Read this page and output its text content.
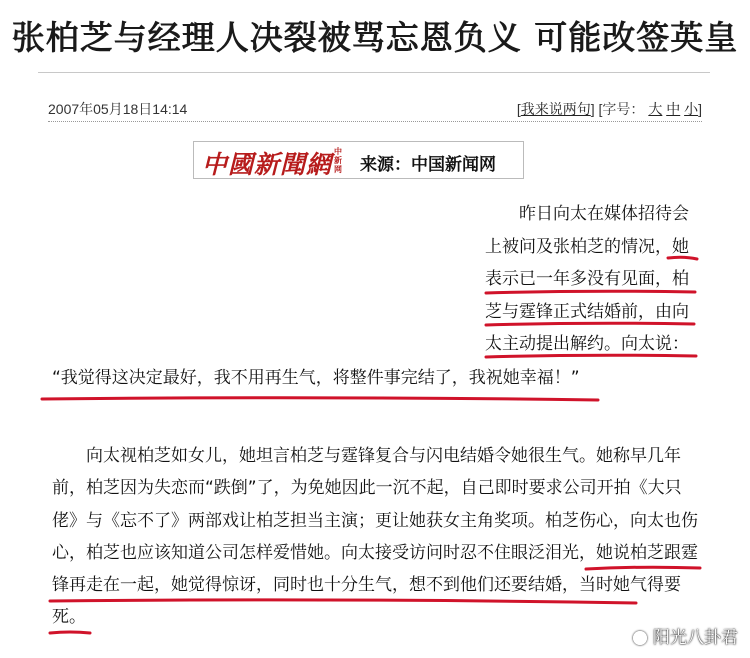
张柏芝与经理人决裂被骂忘恩负义 可能改签英皇
2007年05月18日14:14	[我来说两句] [字号： 大 中 小]
中國新聞網 中新网 来源：中国新闻网
昨日向太在媒体招待会
上被问及张柏芝的情况，她
表示已一年多没有见面，柏
芝与霆锋正式结婚前，由向
太主动提出解约。向太说：
“我觉得这决定最好，我不用再生气，将整件事完结了，我祝她幸福！”
　　向太视柏芝如女儿，她坦言柏芝与霆锋复合与闪电结婚令她很生气。她称早几年
前，柏芝因为失恋而“跌倒”了，为免她因此一沉不起，自己即时要求公司开拍《大只
佬》与《忘不了》两部戏让柏芝担当主演；更让她获女主角奖项。柏芝伤心，向太也伤
心，柏芝也应该知道公司怎样爱惜她。向太接受访问时忍不住眼泛泪光，她说柏芝跟霆
锋再走在一起，她觉得惊讶，同时也十分生气，想不到他们还要结婚，当时她气得要
死。
阳光八卦君
